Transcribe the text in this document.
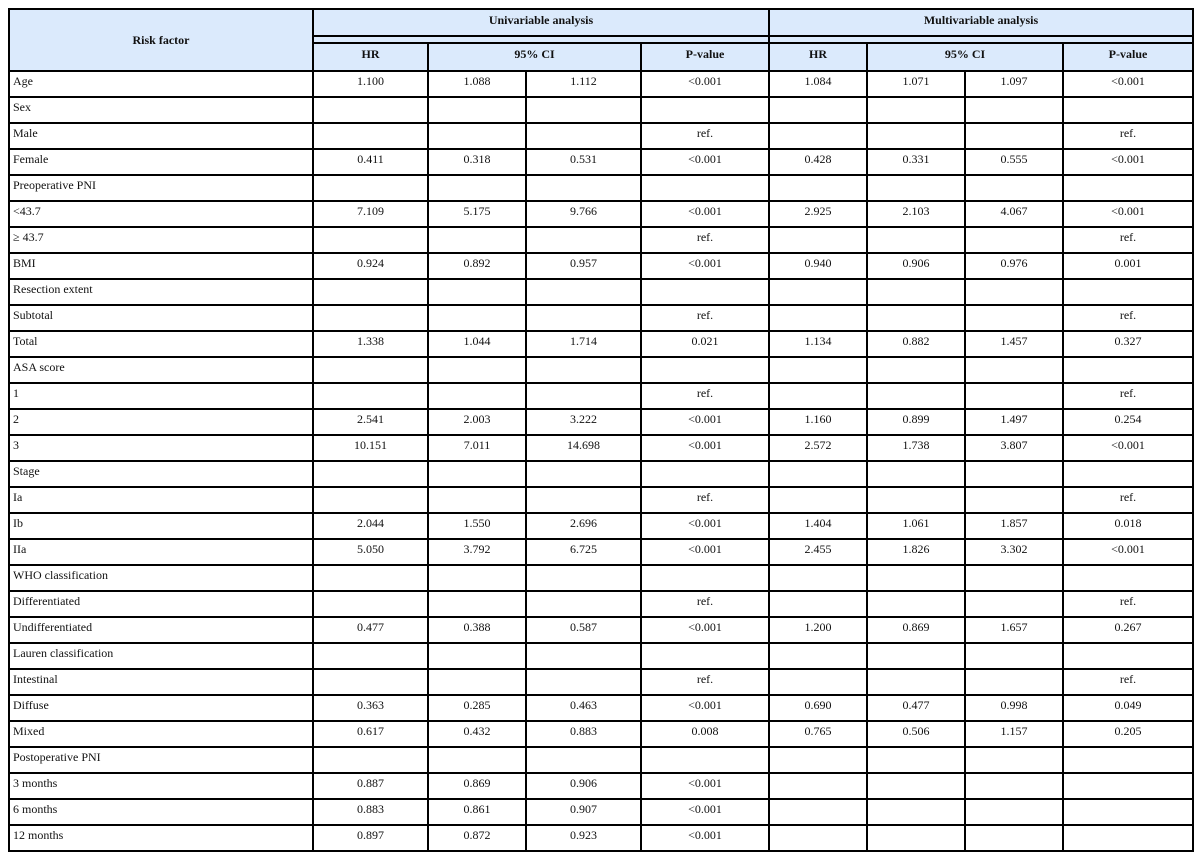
Risk factor	Univariable analysis				Multivariable analysis			
	HR	95% CI		P-value	HR	95% CI		P-value
Age	1.100	1.088	1.112	<0.001	1.084	1.071	1.097	<0.001
Sex								
Male				ref.				ref.
Female	0.411	0.318	0.531	<0.001	0.428	0.331	0.555	<0.001
Preoperative PNI								
<43.7	7.109	5.175	9.766	<0.001	2.925	2.103	4.067	<0.001
≥ 43.7				ref.				ref.
BMI	0.924	0.892	0.957	<0.001	0.940	0.906	0.976	0.001
Resection extent								
Subtotal				ref.				ref.
Total	1.338	1.044	1.714	0.021	1.134	0.882	1.457	0.327
ASA score								
1				ref.				ref.
2	2.541	2.003	3.222	<0.001	1.160	0.899	1.497	0.254
3	10.151	7.011	14.698	<0.001	2.572	1.738	3.807	<0.001
Stage								
Ia				ref.				ref.
Ib	2.044	1.550	2.696	<0.001	1.404	1.061	1.857	0.018
IIa	5.050	3.792	6.725	<0.001	2.455	1.826	3.302	<0.001
WHO classification								
Differentiated				ref.				ref.
Undifferentiated	0.477	0.388	0.587	<0.001	1.200	0.869	1.657	0.267
Lauren classification								
Intestinal				ref.				ref.
Diffuse	0.363	0.285	0.463	<0.001	0.690	0.477	0.998	0.049
Mixed	0.617	0.432	0.883	0.008	0.765	0.506	1.157	0.205
Postoperative PNI								
3 months	0.887	0.869	0.906	<0.001				
6 months	0.883	0.861	0.907	<0.001				
12 months	0.897	0.872	0.923	<0.001				
